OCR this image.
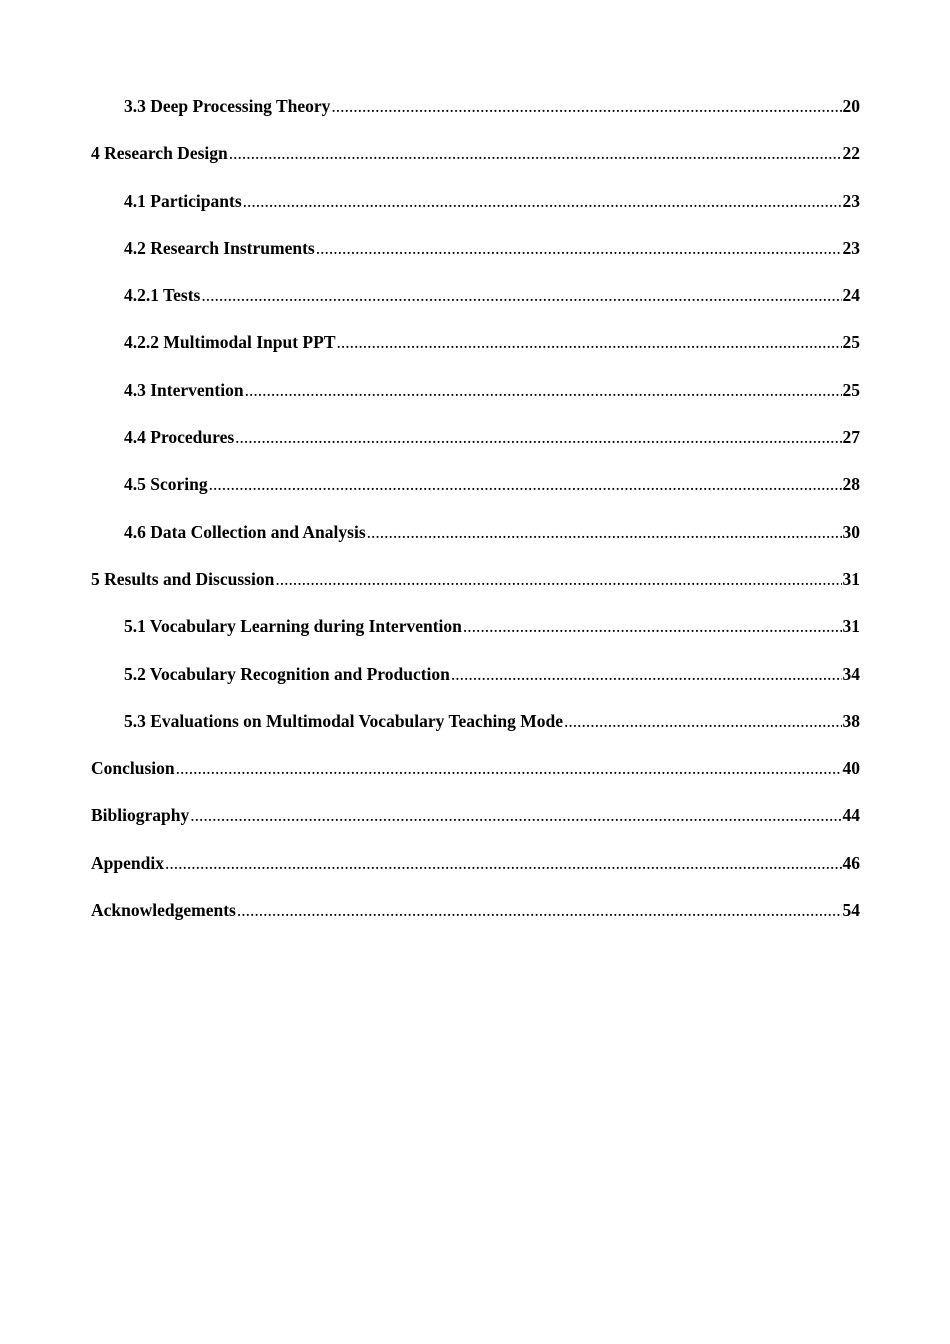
3.3 Deep Processing Theory .....	20
4 Research Design .....	22
4.1 Participants .....	23
4.2 Research Instruments .....	23
4.2.1 Tests .....	24
4.2.2 Multimodal Input PPT .....	25
4.3 Intervention .....	25
4.4 Procedures .....	27
4.5 Scoring .....	28
4.6 Data Collection and Analysis .....	30
5 Results and Discussion .....	31
5.1 Vocabulary Learning during Intervention .....	31
5.2 Vocabulary Recognition and Production .....	34
5.3 Evaluations on Multimodal Vocabulary Teaching Mode .....	38
Conclusion .....	40
Bibliography .....	44
Appendix .....	46
Acknowledgements .....	54
